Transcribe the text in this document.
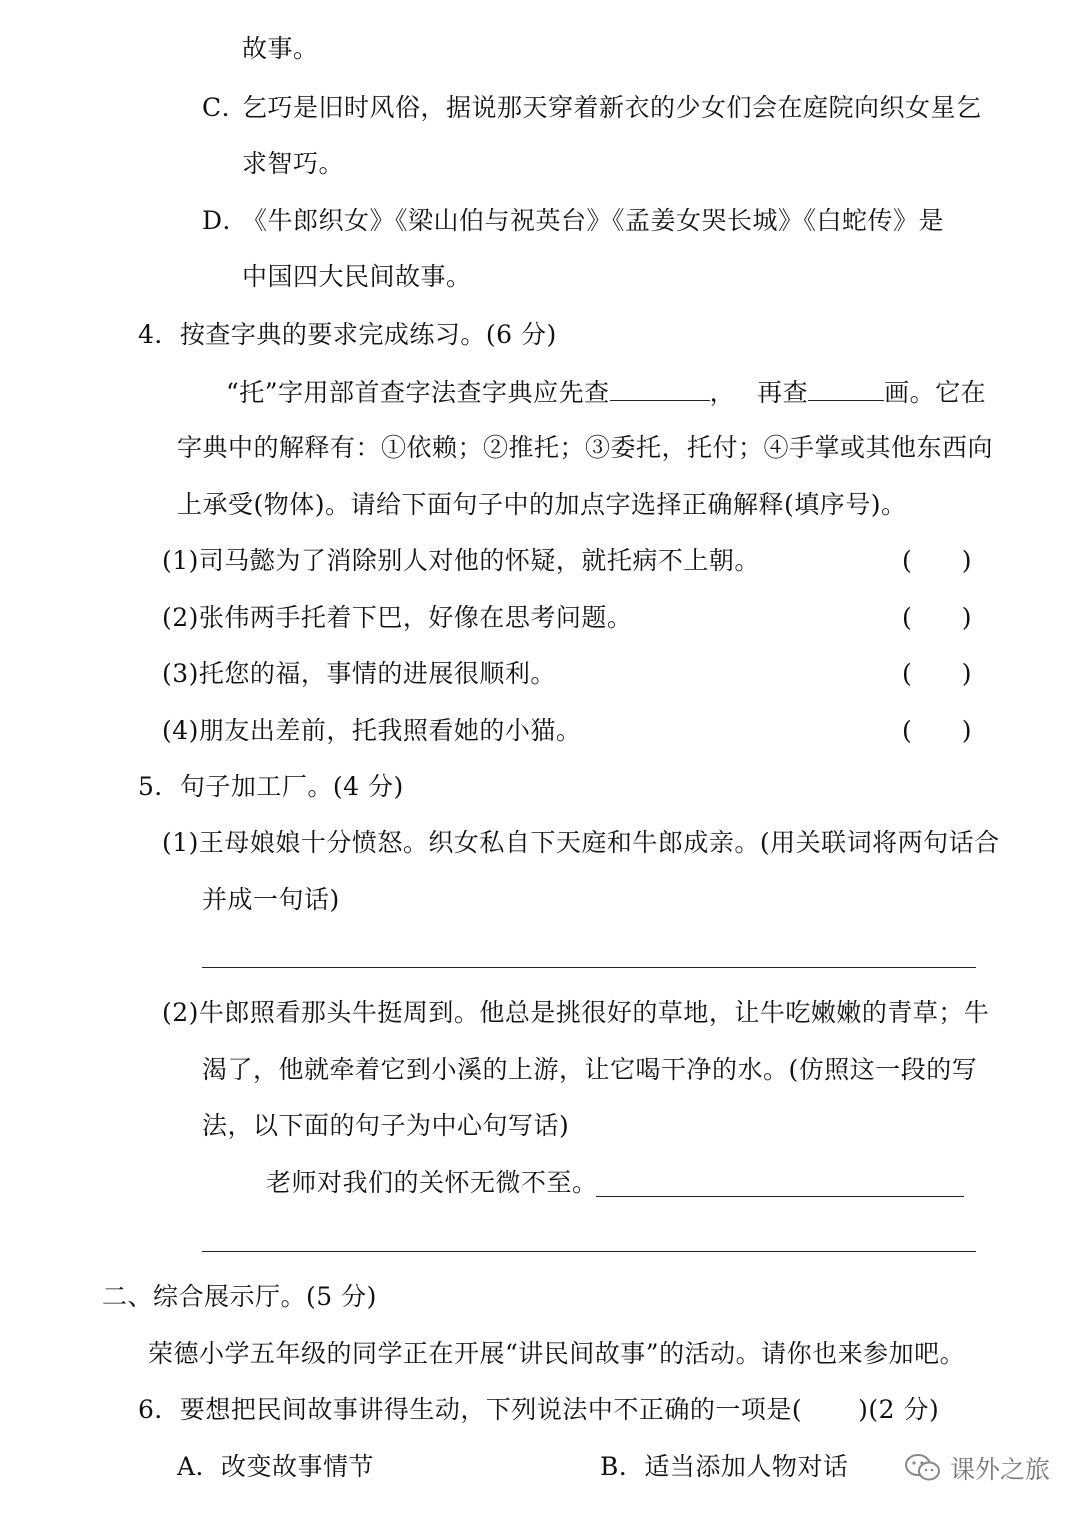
故事。
C．
乞巧是旧时风俗，据说那天穿着新衣的少女们会在庭院向织女星乞
求智巧。
D．
《牛郎织女》《梁山伯与祝英台》《孟姜女哭长城》《白蛇传》是
中国四大民间故事。
4．按查字典的要求完成练习。(6 分)
“托”字用部首查字法查字典应先查	， 再查	画。它在
字典中的解释有：①依赖；②推托；③委托，托付；④手掌或其他东西向
上承受(物体)。请给下面句子中的加点字选择正确解释(填序号)。
(1)司马懿为了消除别人对他的怀疑，就托病不上朝。	(　　)
(2)张伟两手托着下巴，好像在思考问题。	(　　)
(3)托您的福，事情的进展很顺利。	(　　)
(4)朋友出差前，托我照看她的小猫。	(　　)
5．句子加工厂。(4 分)
(1)王母娘娘十分愤怒。织女私自下天庭和牛郎成亲。(用关联词将两句话合
并成一句话)
(2)牛郎照看那头牛挺周到。他总是挑很好的草地，让牛吃嫩嫩的青草；牛
渴了，他就牵着它到小溪的上游，让它喝干净的水。(仿照这一段的写
法，以下面的句子为中心句写话)
老师对我们的关怀无微不至。
二、综合展示厅。(5 分)
荣德小学五年级的同学正在开展“讲民间故事”的活动。请你也来参加吧。
6．要想把民间故事讲得生动，下列说法中不正确的一项是( )(2 分)
A．改变故事情节	B．适当添加人物对话	课外之旅
